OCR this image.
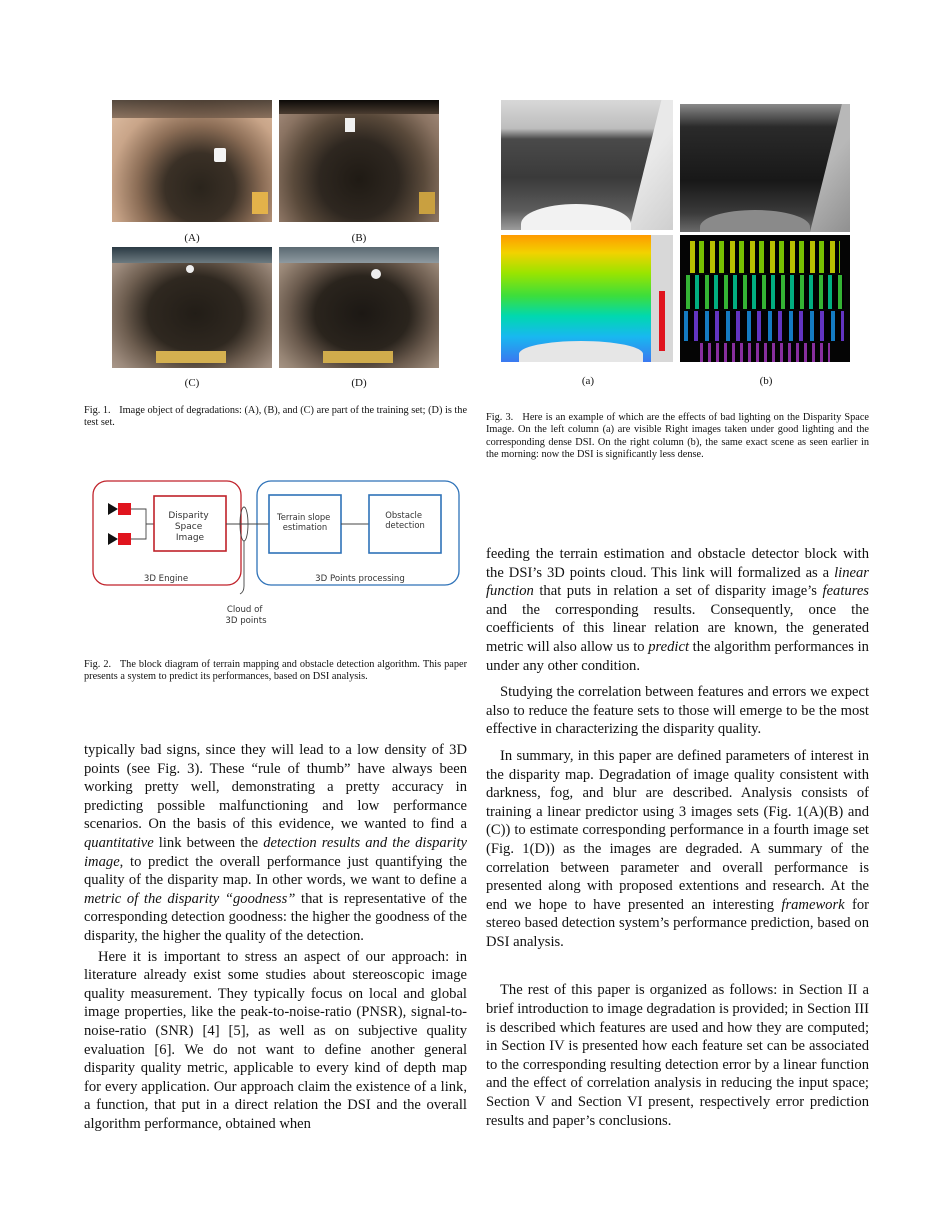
(A)	(B)
(C)	(D)
Fig. 1. Image object of degradations: (A), (B), and (C) are part of the training set; (D) is the test set.
Disparity Space Image
Terrain slope estimation
Obstacle detection
3D Engine	3D Points processing
Cloud of 3D points
Fig. 2. The block diagram of terrain mapping and obstacle detection algorithm. This paper presents a system to predict its performances, based on DSI analysis.
(a)	(b)
Fig. 3. Here is an example of which are the effects of bad lighting on the Disparity Space Image. On the left column (a) are visible Right images taken under good lighting and the corresponding dense DSI. On the right column (b), the same exact scene as seen earlier in the morning: now the DSI is significantly less dense.

typically bad signs, since they will lead to a low density of 3D points (see Fig. 3). These “rule of thumb” have always been working pretty well, demonstrating a pretty accuracy in predicting possible malfunctioning and low performance scenarios. On the basis of this evidence, we wanted to find a quantitative link between the detection results and the disparity image, to predict the overall performance just quantifying the quality of the disparity map. In other words, we want to define a metric of the disparity “goodness” that is representative of the corresponding detection goodness: the higher the goodness of the disparity, the higher the quality of the detection.

Here it is important to stress an aspect of our approach: in literature already exist some studies about stereoscopic image quality measurement. They typically focus on local and global image properties, like the peak-to-noise-ratio (PNSR), signal-to-noise-ratio (SNR) [4] [5], as well as on subjective quality evaluation [6]. We do not want to define another general disparity quality metric, applicable to every kind of depth map for every application. Our approach claim the existence of a link, a function, that put in a direct relation the DSI and the overall algorithm performance, obtained when

feeding the terrain estimation and obstacle detector block with the DSI’s 3D points cloud. This link will formalized as a linear function that puts in relation a set of disparity image’s features and the corresponding results. Consequently, once the coefficients of this linear relation are known, the generated metric will also allow us to predict the algorithm performances in under any other condition.

Studying the correlation between features and errors we expect also to reduce the feature sets to those will emerge to be the most effective in characterizing the disparity quality.

In summary, in this paper are defined parameters of interest in the disparity map. Degradation of image quality consistent with darkness, fog, and blur are described. Analysis consists of training a linear predictor using 3 images sets (Fig. 1(A)(B) and (C)) to estimate corresponding performance in a fourth image set (Fig. 1(D)) as the images are degraded. A summary of the correlation between parameter and overall performance is presented along with proposed extentions and research. At the end we hope to have presented an interesting framework for stereo based detection system’s performance prediction, based on DSI analysis.

The rest of this paper is organized as follows: in Section II a brief introduction to image degradation is provided; in Section III is described which features are used and how they are computed; in Section IV is presented how each feature set can be associated to the corresponding resulting detection error by a linear function and the effect of correlation analysis in reducing the input space; Section V and Section VI present, respectively error prediction results and paper’s conclusions.
